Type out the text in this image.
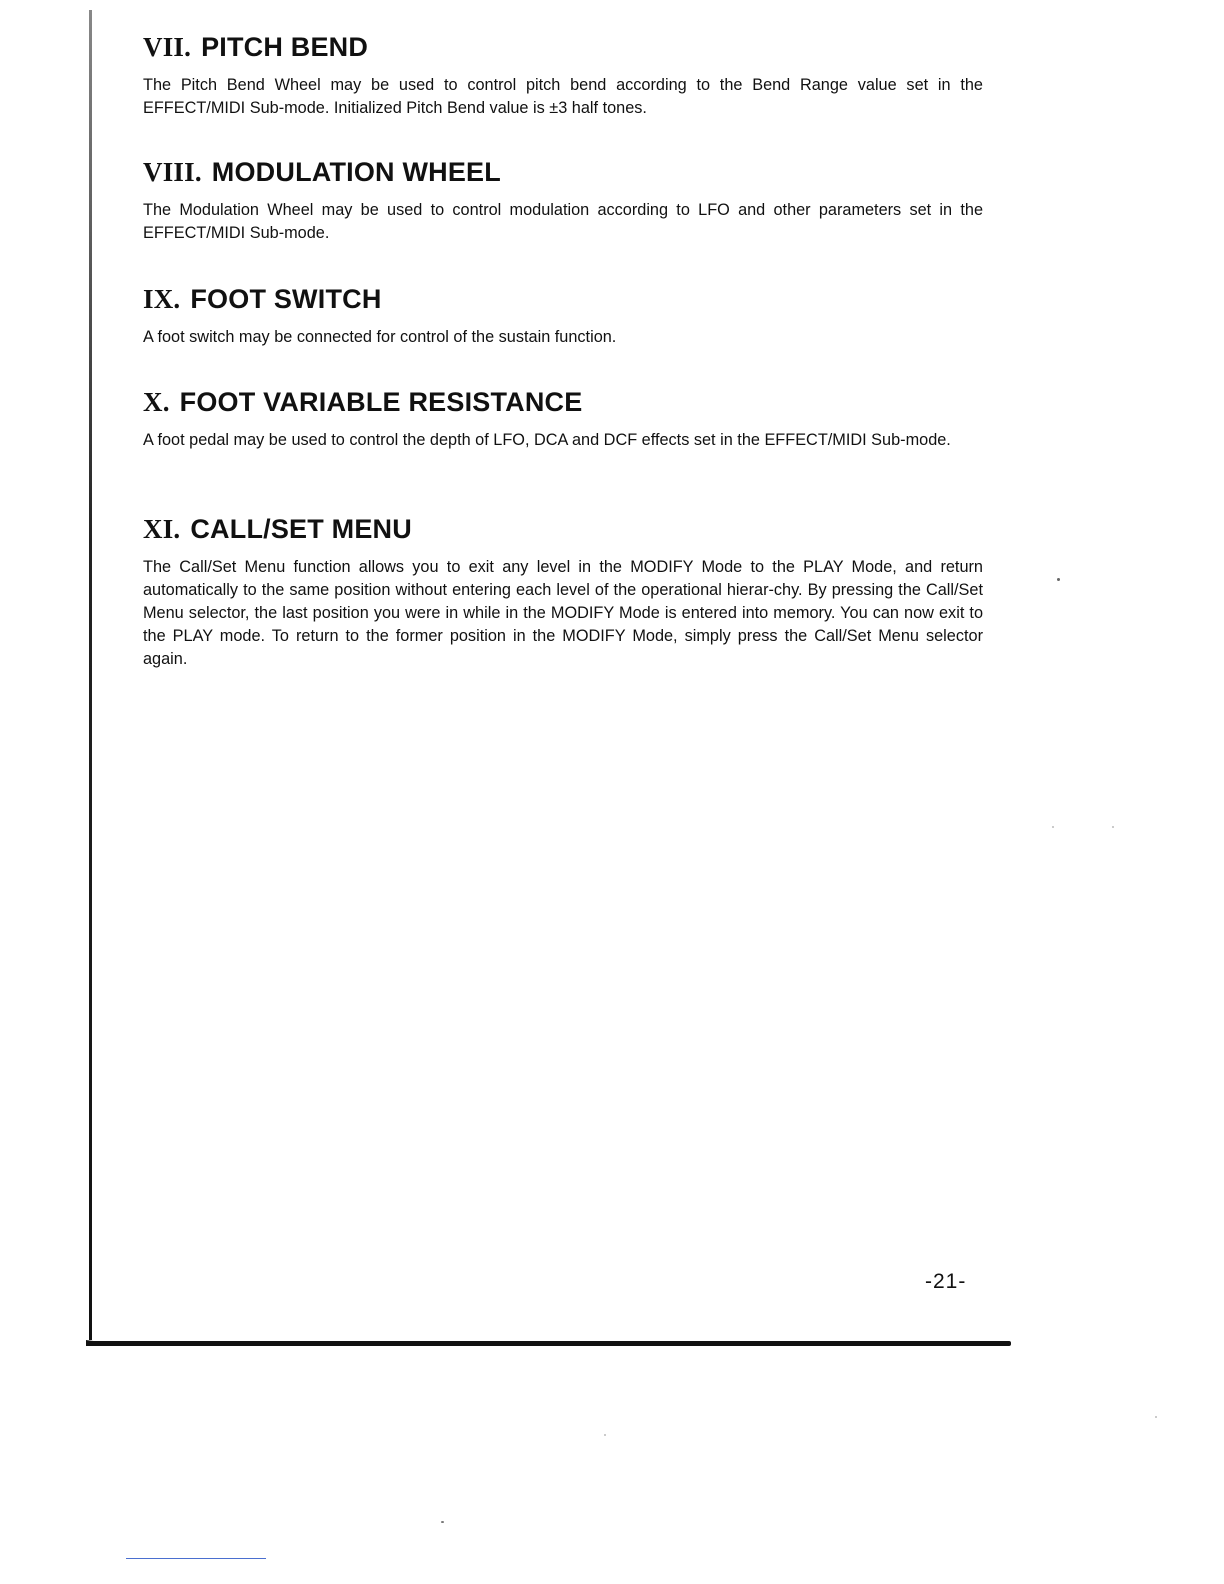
VII. PITCH BEND

The Pitch Bend Wheel may be used to control pitch bend according to the Bend Range value set in the EFFECT/MIDI Sub-mode. Initialized Pitch Bend value is ±3 half tones.

VIII. MODULATION WHEEL

The Modulation Wheel may be used to control modulation according to LFO and other parameters set in the EFFECT/MIDI Sub-mode.

IX. FOOT SWITCH

A foot switch may be connected for control of the sustain function.

X. FOOT VARIABLE RESISTANCE

A foot pedal may be used to control the depth of LFO, DCA and DCF effects set in the EFFECT/MIDI Sub-mode.

XI. CALL/SET MENU

The Call/Set Menu function allows you to exit any level in the MODIFY Mode to the PLAY Mode, and return automatically to the same position without entering each level of the operational hierar-chy. By pressing the Call/Set Menu selector, the last position you were in while in the MODIFY Mode is entered into memory. You can now exit to the PLAY mode. To return to the former position in the MODIFY Mode, simply press the Call/Set Menu selector again.

-21-
